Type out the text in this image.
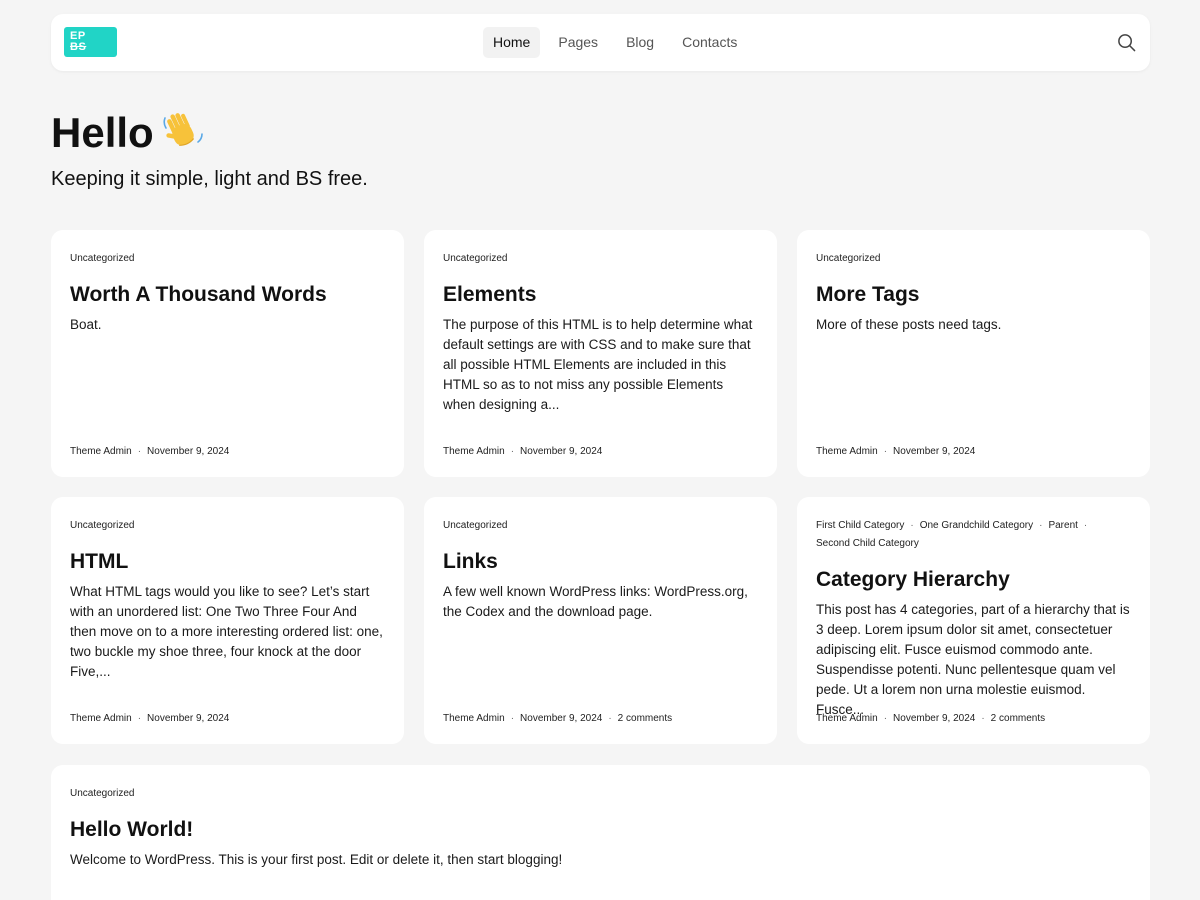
EP
BS	Home	Pages	Blog	Contacts
Hello

Keeping it simple, light and BS free.

Uncategorized
Worth A Thousand Words

Boat.

Theme Admin · November 9, 2024
Uncategorized
Elements

The purpose of this HTML is to help determine what default settings are with CSS and to make sure that all possible HTML Elements are included in this HTML so as to not miss any possible Elements when designing a...

Theme Admin · November 9, 2024
Uncategorized
More Tags

More of these posts need tags.

Theme Admin · November 9, 2024
Uncategorized
HTML

What HTML tags would you like to see? Let’s start with an unordered list: One Two Three Four And then move on to a more interesting ordered list: one, two buckle my shoe three, four knock at the door Five,...

Theme Admin · November 9, 2024
Uncategorized
Links

A few well known WordPress links: WordPress.org, the Codex and the download page.

Theme Admin · November 9, 2024 · 2 comments
First Child Category · One Grandchild Category · Parent ·
Second Child Category
Category Hierarchy

This post has 4 categories, part of a hierarchy that is 3 deep. Lorem ipsum dolor sit amet, consectetuer adipiscing elit. Fusce euismod commodo ante. Suspendisse potenti. Nunc pellentesque quam vel pede. Ut a lorem non urna molestie euismod. Fusce...

Theme Admin · November 9, 2024 · 2 comments
Uncategorized
Hello World!

Welcome to WordPress. This is your first post. Edit or delete it, then start blogging!
